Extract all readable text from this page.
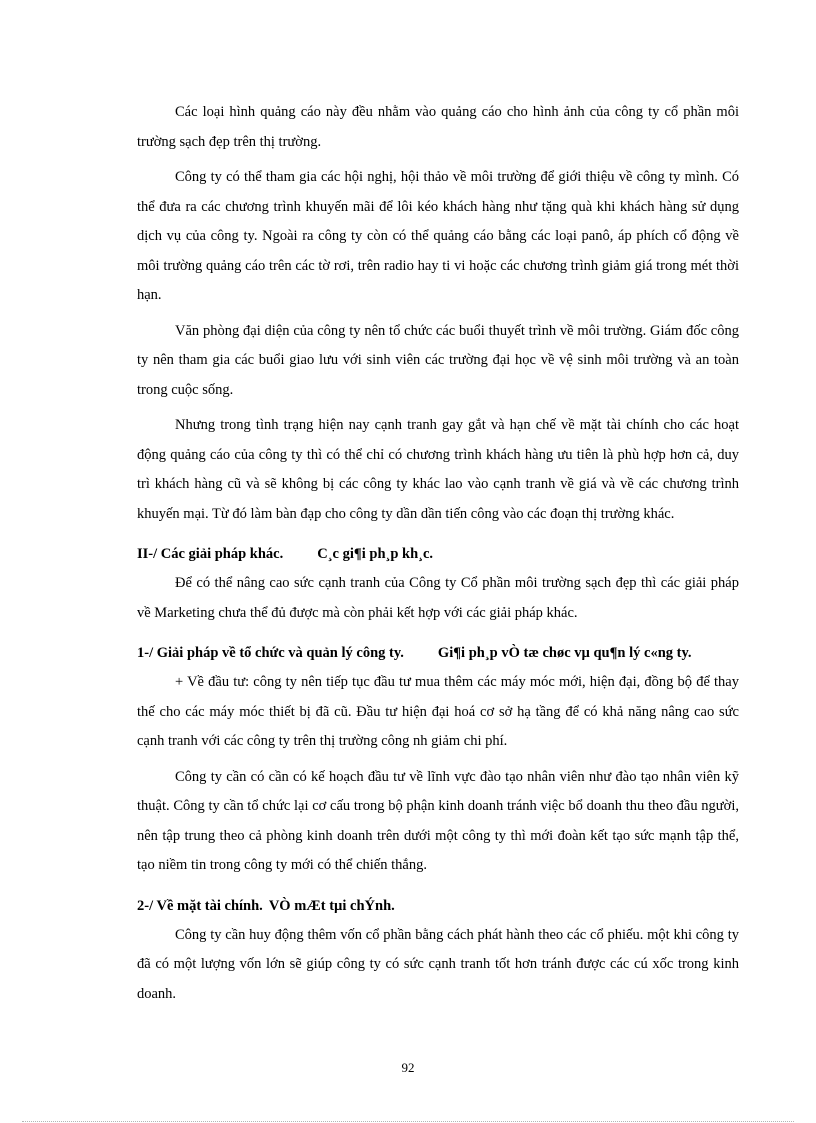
Các loại hình quảng cáo này đều nhằm vào quảng cáo cho hình ảnh của công ty cổ phần môi trường sạch đẹp trên thị trường.

Công ty có thể tham gia các hội nghị, hội thảo về môi trường để giới thiệu về công ty mình. Có thể đưa ra các chương trình khuyến mãi để lôi kéo khách hàng như tặng quà khi khách hàng sử dụng dịch vụ của công ty. Ngoài ra công ty còn có thể quảng cáo bằng các loại panô, áp phích cổ động về môi trường quảng cáo trên các tờ rơi, trên radio hay ti vi hoặc các chương trình giảm giá trong mét thời hạn.

Văn phòng đại diện của công ty nên tổ chức các buổi thuyết trình về môi trường. Giám đốc công ty nên tham gia các buổi giao lưu với sinh viên các trường đại học về vệ sinh môi trường và an toàn trong cuộc sống.

Nhưng trong tình trạng hiện nay cạnh tranh gay gắt và hạn chế về mặt tài chính cho các hoạt động quảng cáo của công ty thì có thể chỉ có chương trình khách hàng ưu tiên là phù hợp hơn cả, duy trì khách hàng cũ và sẽ không bị các công ty khác lao vào cạnh tranh về giá và về các chương trình khuyến mại. Từ đó làm bàn đạp cho công ty dần dần tiến công vào các đoạn thị trường khác.

II-/ Các giải pháp khác. C¸c gi¶i ph¸p kh¸c.

Để có thể nâng cao sức cạnh tranh của Công ty Cổ phần môi trường sạch đẹp thì các giải pháp về Marketing chưa thể đủ được mà còn phải kết hợp với các giải pháp khác.

1-/ Giải pháp về tổ chức và quản lý công ty. Gi¶i ph¸p vÒ tæ chøc vµ qu¶n lý c«ng ty.

+ Về đầu tư: công ty nên tiếp tục đầu tư mua thêm các máy móc mới, hiện đại, đồng bộ để thay thế cho các máy móc thiết bị đã cũ. Đầu tư hiện đại hoá cơ sở hạ tầng để có khả năng nâng cao sức cạnh tranh với các công ty trên thị trường công nh giảm chi phí.

Công ty cần có cần có kế hoạch đầu tư về lĩnh vực đào tạo nhân viên như đào tạo nhân viên kỹ thuật. Công ty cần tổ chức lại cơ cấu trong bộ phận kinh doanh tránh việc bổ doanh thu theo đầu người, nên tập trung theo cả phòng kinh doanh trên dưới một công ty thì mới đoàn kết tạo sức mạnh tập thể, tạo niềm tin trong công ty mới có thể chiến thắng.

2-/ Về mặt tài chính. VÒ mÆt tµi chÝnh.

Công ty cần huy động thêm vốn cổ phần bằng cách phát hành theo các cổ phiếu. một khi công ty đã có một lượng vốn lớn sẽ giúp công ty có sức cạnh tranh tốt hơn tránh được các cú xốc trong kinh doanh.

92
